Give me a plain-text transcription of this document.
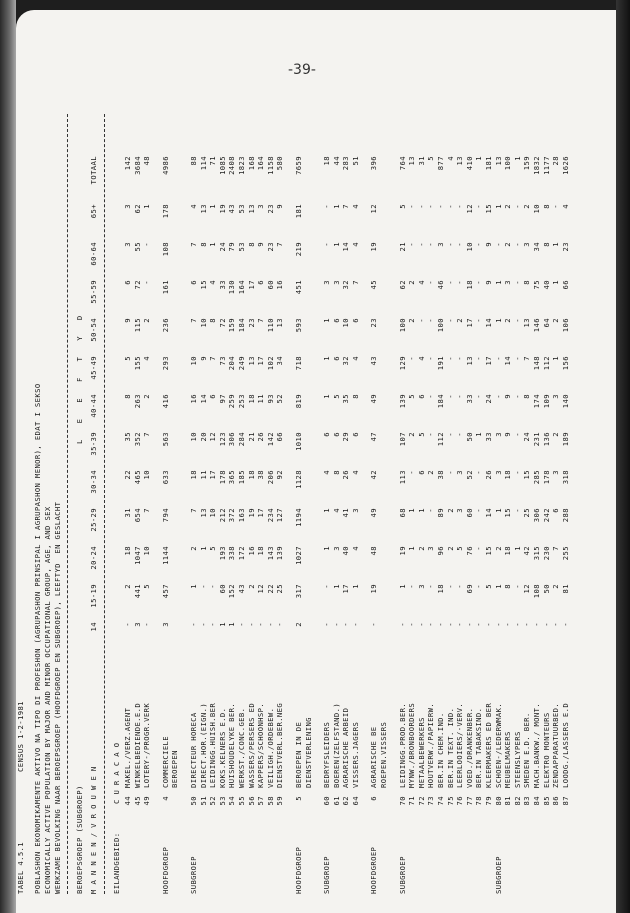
-39-
TABEL 4.5.1
CENSUS 1-2-1981 POBLASHON EKONOMIKAMENTE AKTIVO NA TIPO DI PROFESHON (AGRUPASHON PRINSIPAL I AGRUPASHON MENOR), EDAT I SEKSO ECONOMICALLY ACTIVE POPULATION BY MAJOR AND MINOR OCCUPATIONAL GROUP, AGE, AND SEX WERKZAME BEVOLKING NAAR BEROEPSGROEP (HOOFDGROEP EN SUBGROEP), LEEFTYD  EN GESLACHT BEROEPSGROEP (SUBGROEP)
L E E F T Y D
M A N N E N / V R O U W E N
14
15-19
20-24
25-29
30-34
35-39
40-44
45-49
50-54
55-59
60-64
65+
TOTAAL
EILANDGEBIED:
C U R A C A O 44
MAKEL./VERZ.AGENT
-
2
18
31
22
35
8
5
9
6
3
3
142
45
WINKELBEDIENDE.E.D
3
441
1047
654
465
352
263
155
115
72
55
62
3684
49
LOTERY-/PROGR.VERK
-
5
10
7
10
7
2
4
2
-
-
1
48
HOOFDGROEP
4
COMMERCIELE
3
457
1144
794
633
563
416
293
236
161
108
178
4986
BEROEPEN
SUBGROEP
50
DIRECTEUR HORECA
-
1
2
7
18
10
16
10
7
6
7
4
88
51
DIRECT.HOR.(EIGN.)
-
-
1
13
11
20
14
9
10
15
8
13
114
52
LEIDINGG.HUISH.BER
-
-
5
10
17
12
6
7
8
4
1
1
71
53
KOKS.KELNERS E.D.
1
60
193
212
178
123
97
73
72
33
24
19
1085
54
HUISHOUDELYKE BER.
1
152
338
372
365
306
259
204
159
130
79
43
2408
55
WERKST./CONC.GEB.
-
43
172
163
185
284
253
249
184
164
53
53
1823
56
WASSERS/PERSERS ED
-
2
16
19
18
21
18
13
23
17
8
13
168
57
KAPPERS/SCHOONHSP.
-
12
18
17
38
26
11
17
7
6
9
3
164
58
VEILIGH./ORDEBEW.
-
22
143
234
206
142
93
102
110
60
23
23
1158
59
DIENSTVERL.BER.NEG
-
25
139
127
92
66
52
34
13
16
7
9
580
HOOFDGROEP
5
BEROEPEN IN DE
2
317
1027
1194
1128
1010
819
718
593
451
219
181
7659
DIENSTVERLENING
SUBGROEP
60
BEDRYFSLEIDERS
-
-
1
1
4
6
1
1
1
3
-
-
18
61
BOEREN(ZELFSTAND.)
-
1
3
4
8
6
5
6
6
3
1
1
44
62
AGRARISCHE ARBEID
-
17
40
41
26
29
35
32
10
32
14
7
283
64
VISSERS.JAGERS
-
1
4
3
4
6
8
4
6
7
4
4
51
HOOFDGROEP
6
AGRARISCHE BE
-
19
48
49
42
47
49
43
23
45
19
12
396
ROEPEN.VISSERS
SUBGROEP
70
LEIDINGG.PROD.BER.
-
1
19
68
113
107
139
129
100
62
21
5
764
71
MYNW./BRONBOORDERS
-
-
1
1
-
2
5
-
2
2
-
-
13
72
METAALBEWERKERS
-
3
2
1
6
5
6
4
-
4
-
-
31
73
HOUTVERW./PAPIERW.
-
-
3
-
2
-
-
-
-
-
-
-
5
74
BER.IN CHEM.IND.
-
18
96
89
38
112
184
191
100
46
3
-
877
75
BER.IN TEXT. IND.
-
-
2
2
-
-
-
-
-
-
-
-
4
76
LEERLOOIERS/-VERV.
-
-
5
3
3
-
-
-
2
-
-
-
13
77
VOED./DRANKENBER.
-
69
76
60
52
50
33
13
17
18
10
12
410
78
BER.IN TABAKSIND.
-
-
-
-
-
1
-
-
-
-
-
-
1
79
KLEERMAKERS ED BER
-
5
15
14
26
33
24
17
14
9
9
15
181
SUBGROEP
80
SCHOEN-/LEDERWMAK.
-
1
2
1
3
3
-
-
1
1
-
1
13
81
MEUBELMAKERS
-
8
18
15
18
9
9
14
2
3
2
2
100
82
STEENSLYPERS
-
-
1
-
-
-
-
-
-
-
-
-
1
83
SMEDEN E.D. BER.
-
12
42
25
15
24
8
7
13
8
3
2
159
84
MACH.BANKW./ MONT.
-
108
315
306
285
231
174
148
146
75
34
10
1832
85
ELEKTRO MONTEURS
-
50
230
242
178
136
109
112
64
40
8
8
1177
86
ZENDAPPARATUURBED.
-
2
7
6
3
2
3
1
2
1
1
-
28
87
LOODG./LASSERS E.D
-
81
255
288
318
189
140
156
106
66
23
4
1626
